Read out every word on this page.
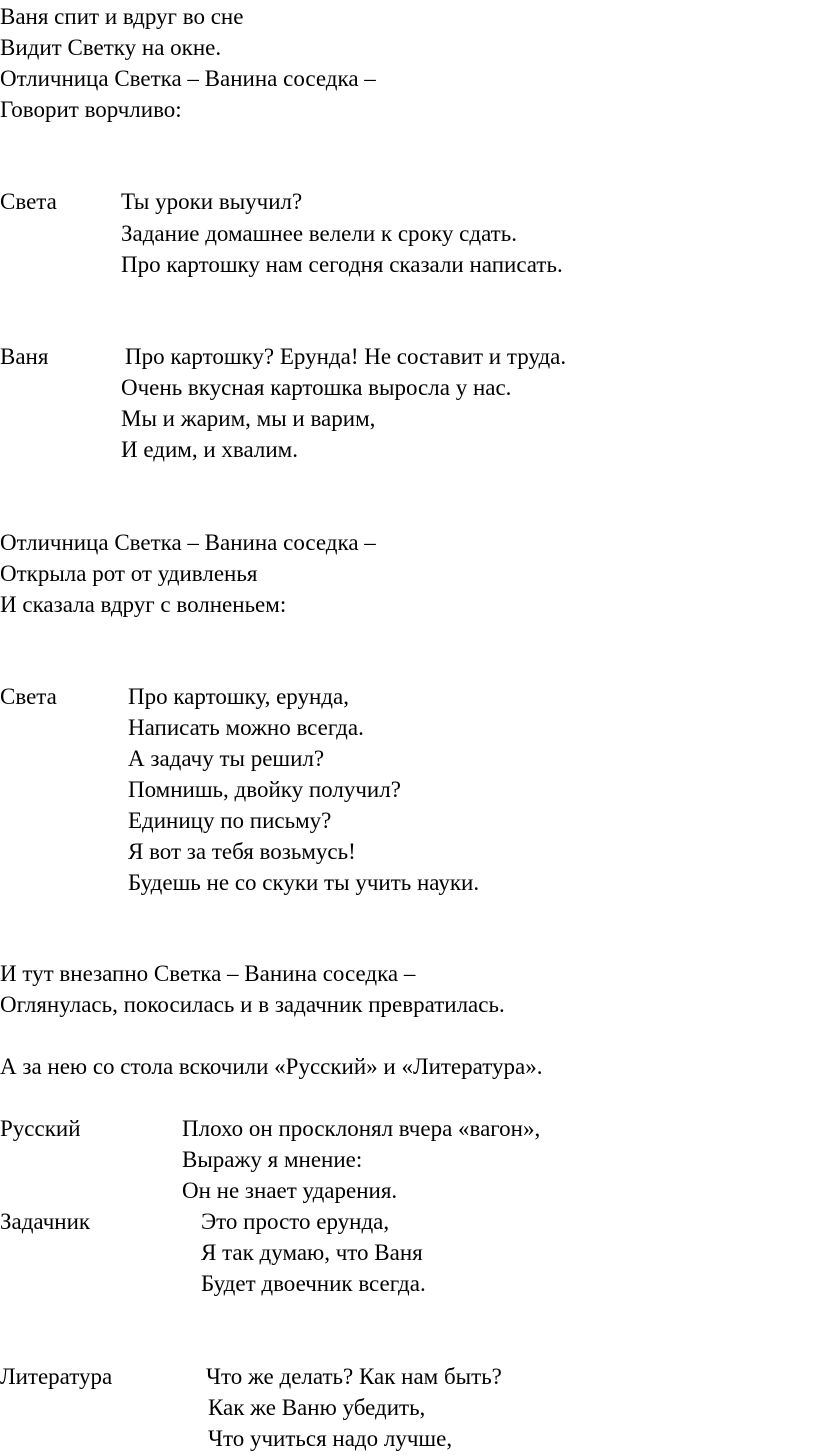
Ваня спит и вдруг во сне
Видит Светку на окне.
Отличница Светка – Ванина соседка –
Говорит ворчливо:
Света	Ты уроки выучил?
Задание домашнее велели к сроку сдать.
Про картошку нам сегодня сказали написать.
Ваня	Про картошку? Ерунда! Не составит и труда.
Очень вкусная картошка выросла у нас.
Мы и жарим, мы и варим,
И едим, и хвалим.
Отличница Светка – Ванина соседка –
Открыла рот от удивленья
И сказала вдруг с волненьем:
Света	Про картошку, ерунда,
Написать можно всегда.
А задачу ты решил?
Помнишь, двойку получил?
Единицу по письму?
Я вот за тебя возьмусь!
Будешь не со скуки ты учить науки.
И тут внезапно Светка – Ванина соседка –
Оглянулась, покосилась и в задачник превратилась.
А за нею со стола вскочили «Русский» и «Литература».
Русский	Плохо он просклонял вчера «вагон»,
Выражу я мнение:
Он не знает ударения.
Задачник	Это просто ерунда,
Я так думаю, что Ваня
Будет двоечник всегда.
Литература	Что же делать? Как нам быть?
Как же Ваню убедить,
Что учиться надо лучше,
